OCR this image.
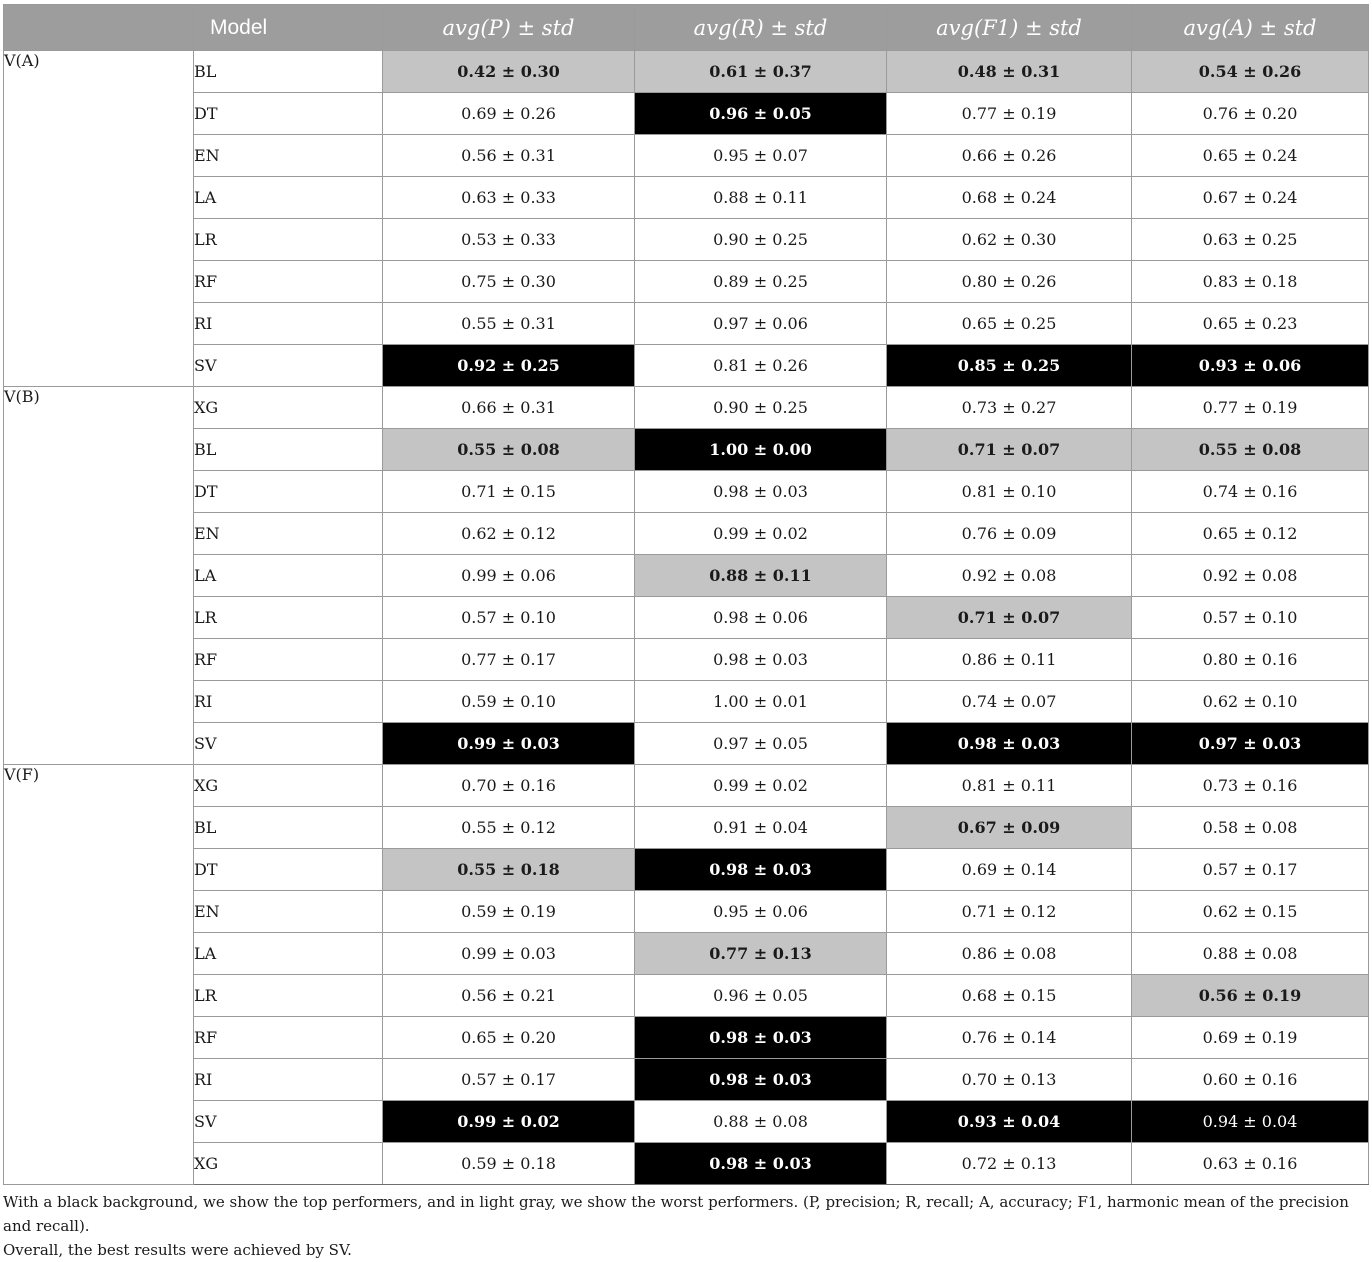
	Model	avg(P) ± std	avg(R) ± std	avg(F1) ± std	avg(A) ± std
V(A)	BL	0.42 ± 0.30	0.61 ± 0.37	0.48 ± 0.31	0.54 ± 0.26
	DT	0.69 ± 0.26	0.96 ± 0.05	0.77 ± 0.19	0.76 ± 0.20
	EN	0.56 ± 0.31	0.95 ± 0.07	0.66 ± 0.26	0.65 ± 0.24
	LA	0.63 ± 0.33	0.88 ± 0.11	0.68 ± 0.24	0.67 ± 0.24
	LR	0.53 ± 0.33	0.90 ± 0.25	0.62 ± 0.30	0.63 ± 0.25
	RF	0.75 ± 0.30	0.89 ± 0.25	0.80 ± 0.26	0.83 ± 0.18
	RI	0.55 ± 0.31	0.97 ± 0.06	0.65 ± 0.25	0.65 ± 0.23
	SV	0.92 ± 0.25	0.81 ± 0.26	0.85 ± 0.25	0.93 ± 0.06
V(B)	XG	0.66 ± 0.31	0.90 ± 0.25	0.73 ± 0.27	0.77 ± 0.19
	BL	0.55 ± 0.08	1.00 ± 0.00	0.71 ± 0.07	0.55 ± 0.08
	DT	0.71 ± 0.15	0.98 ± 0.03	0.81 ± 0.10	0.74 ± 0.16
	EN	0.62 ± 0.12	0.99 ± 0.02	0.76 ± 0.09	0.65 ± 0.12
	LA	0.99 ± 0.06	0.88 ± 0.11	0.92 ± 0.08	0.92 ± 0.08
	LR	0.57 ± 0.10	0.98 ± 0.06	0.71 ± 0.07	0.57 ± 0.10
	RF	0.77 ± 0.17	0.98 ± 0.03	0.86 ± 0.11	0.80 ± 0.16
	RI	0.59 ± 0.10	1.00 ± 0.01	0.74 ± 0.07	0.62 ± 0.10
	SV	0.99 ± 0.03	0.97 ± 0.05	0.98 ± 0.03	0.97 ± 0.03
V(F)	XG	0.70 ± 0.16	0.99 ± 0.02	0.81 ± 0.11	0.73 ± 0.16
	BL	0.55 ± 0.12	0.91 ± 0.04	0.67 ± 0.09	0.58 ± 0.08
	DT	0.55 ± 0.18	0.98 ± 0.03	0.69 ± 0.14	0.57 ± 0.17
	EN	0.59 ± 0.19	0.95 ± 0.06	0.71 ± 0.12	0.62 ± 0.15
	LA	0.99 ± 0.03	0.77 ± 0.13	0.86 ± 0.08	0.88 ± 0.08
	LR	0.56 ± 0.21	0.96 ± 0.05	0.68 ± 0.15	0.56 ± 0.19
	RF	0.65 ± 0.20	0.98 ± 0.03	0.76 ± 0.14	0.69 ± 0.19
	RI	0.57 ± 0.17	0.98 ± 0.03	0.70 ± 0.13	0.60 ± 0.16
	SV	0.99 ± 0.02	0.88 ± 0.08	0.93 ± 0.04	0.94 ± 0.04
	XG	0.59 ± 0.18	0.98 ± 0.03	0.72 ± 0.13	0.63 ± 0.16
With a black background, we show the top performers, and in light gray, we show the worst performers. (P, precision; R, recall; A, accuracy; F1, harmonic mean of the precision and recall).
Overall, the best results were achieved by SV.
